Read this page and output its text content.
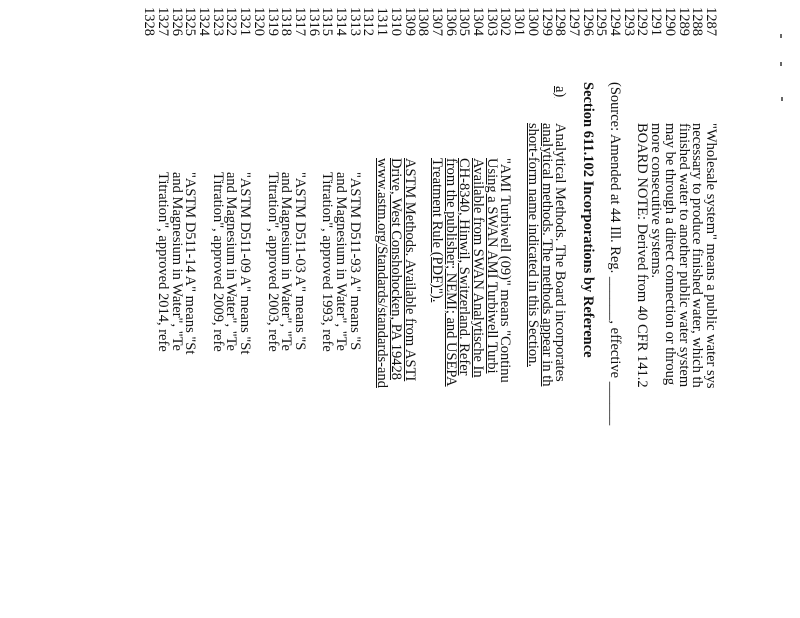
1287
"Wholesale system" means a public water sys
1288
necessary to produce finished water, which th
1289
finished water to another public water system
1290
may be through a direct connection or throug
1291
more consecutive systems.
1292
BOARD NOTE: Derived from 40 CFR 141.2
1293
1294
(Source: Amended at 44 Ill. Reg. ______, effective ______
1295
1296
Section 611.102 Incorporations by Reference
1297
1298
a)
Analytical Methods. The Board incorporates
1299
analytical methods. The methods appear in th
1300
short-form name indicated in this Section.
1301
1302
"AMI Turbiwell (09)" means "Continu
1303
Using a SWAN AMI Turbiwell Turbi
1304
Available from SWAN Analytische In
1305
CH-8340, Hinwil, Switzerland. Refer
1306
from the publisher; NEMI; and USEPA
1307
Treatment Rule (PDF)").
1308
1309
ASTM Methods. Available from ASTI
1310
Drive, West Conshohocken, PA 19428
1311
www.astm.org/Standards/standards-and
1312
1313
"ASTM D511-93 A" means "S
1314
and Magnesium in Water", "Te
1315
Titration", approved 1993, refe
1316
1317
"ASTM D511-03 A" means "S
1318
and Magnesium in Water", "Te
1319
Titration", approved 2003, refe
1320
1321
"ASTM D511-09 A" means "St
1322
and Magnesium in Water", "Te
1323
Titration", approved 2009, refe
1324
1325
"ASTM D511-14 A" means "St
1326
and Magnesium in Water", "Te
1327
Titration", approved 2014, refe
1328
